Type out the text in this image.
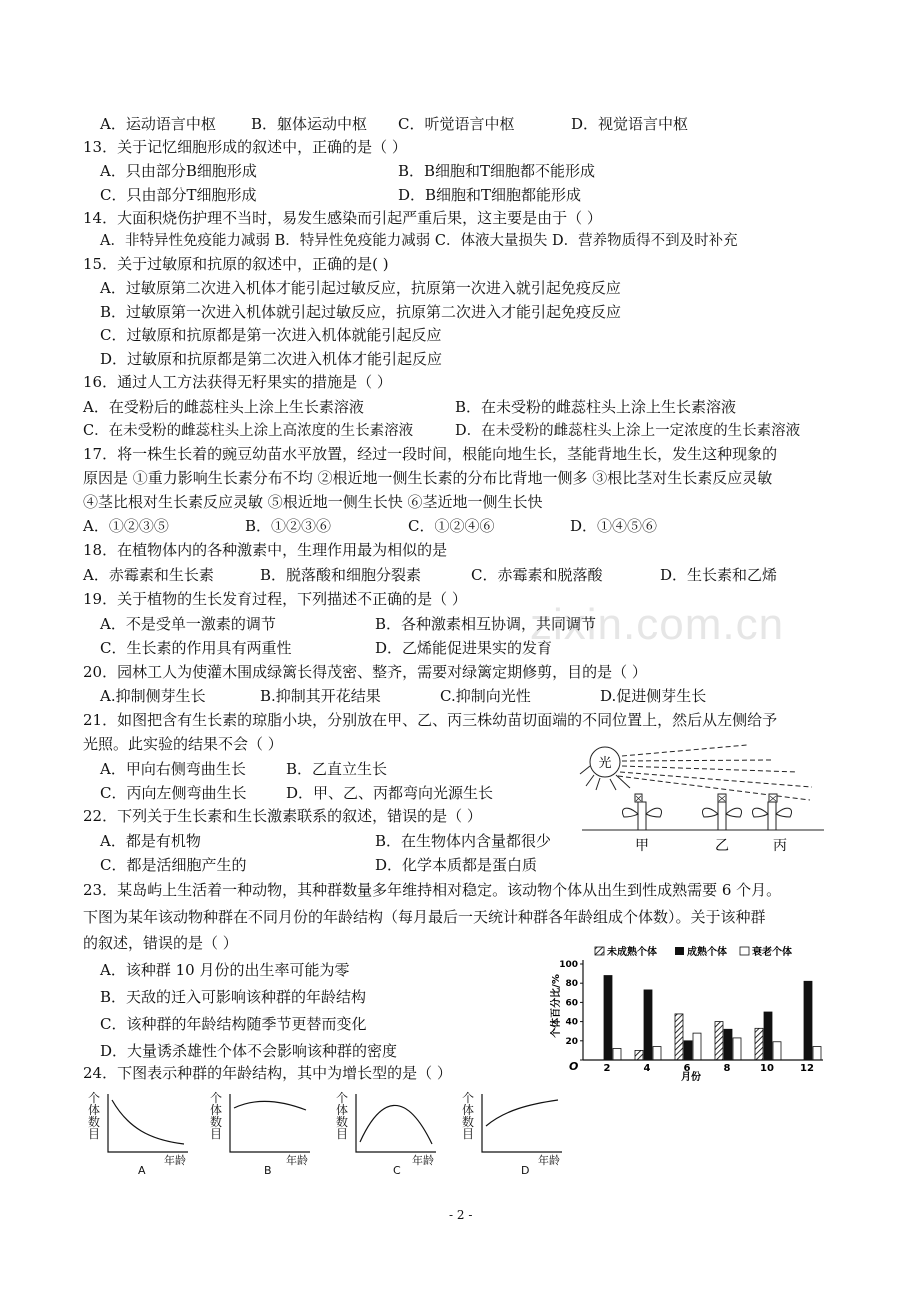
A．运动语言中枢 B．躯体运动中枢 C．听觉语言中枢	D．视觉语言中枢
13．关于记忆细胞形成的叙述中，正确的是（ ）
A．只由部分B细胞形成	B．B细胞和T细胞都不能形成
C．只由部分T细胞形成	D．B细胞和T细胞都能形成
14．大面积烧伤护理不当时，易发生感染而引起严重后果，这主要是由于（ ）
A．非特异性免疫能力减弱 B．特异性免疫能力减弱 C．体液大量损失 D．营养物质得不到及时补充
15．关于过敏原和抗原的叙述中，正确的是( )
A．过敏原第二次进入机体才能引起过敏反应，抗原第一次进入就引起免疫反应
B．过敏原第一次进入机体就引起过敏反应，抗原第二次进入才能引起免疫反应
C．过敏原和抗原都是第一次进入机体就能引起反应
D．过敏原和抗原都是第二次进入机体才能引起反应
16．通过人工方法获得无籽果实的措施是（ ）
A．在受粉后的雌蕊柱头上涂上生长素溶液	B．在未受粉的雌蕊柱头上涂上生长素溶液
C．在未受粉的雌蕊柱头上涂上高浓度的生长素溶液	D．在未受粉的雌蕊柱头上涂上一定浓度的生长素溶液
17．将一株生长着的豌豆幼苗水平放置，经过一段时间，根能向地生长，茎能背地生长，发生这种现象的
原因是 ①重力影响生长素分布不均 ②根近地一侧生长素的分布比背地一侧多 ③根比茎对生长素反应灵敏
④茎比根对生长素反应灵敏 ⑤根近地一侧生长快 ⑥茎近地一侧生长快
A．①②③⑤	B．①②③⑥	C．①②④⑥	D．①④⑤⑥
18．在植物体内的各种激素中，生理作用最为相似的是
A．赤霉素和生长素	B．脱落酸和细胞分裂素	C．赤霉素和脱落酸	D．生长素和乙烯
zixin.com.cn
19．关于植物的生长发育过程，下列描述不正确的是（ ）
A．不是受单一激素的调节	B．各种激素相互协调，共同调节
C．生长素的作用具有两重性	D．乙烯能促进果实的发育
20．园林工人为使灌木围成绿篱长得茂密、整齐，需要对绿篱定期修剪，目的是（ ）
A.抑制侧芽生长	B.抑制其开花结果	C.抑制向光性	D.促进侧芽生长
21．如图把含有生长素的琼脂小块，分别放在甲、乙、丙三株幼苗切面端的不同位置上，然后从左侧给予
光照。此实验的结果不会（ ）
A．甲向右侧弯曲生长	B．乙直立生长
C．丙向左侧弯曲生长	D．甲、乙、丙都弯向光源生长
光
甲	乙	丙
22．下列关于生长素和生长激素联系的叙述，错误的是（ ）
A．都是有机物	B．在生物体内含量都很少
C．都是活细胞产生的	D．化学本质都是蛋白质
23．某岛屿上生活着一种动物，其种群数量多年维持相对稳定。该动物个体从出生到性成熟需要 6 个月。
下图为某年该动物种群在不同月份的年龄结构（每月最后一天统计种群各年龄组成个体数）。关于该种群
的叙述，错误的是（ ）
A．该种群 10 月份的出生率可能为零
B．天敌的迁入可影响该种群的年龄结构
C．该种群的年龄结构随季节更替而变化
D．大量诱杀雄性个体不会影响该种群的密度
未成熟个体	成熟个体	衰老个体
个体百分比/%
O
月份
20
40
60
80
100
2	4	6	8	10	12
24．下图表示种群的年龄结构，其中为增长型的是（ ）
个体数目
个体数目
个体数目
个体数目
年龄	年龄	年龄	年龄
A	B	C	D
- 2 -
